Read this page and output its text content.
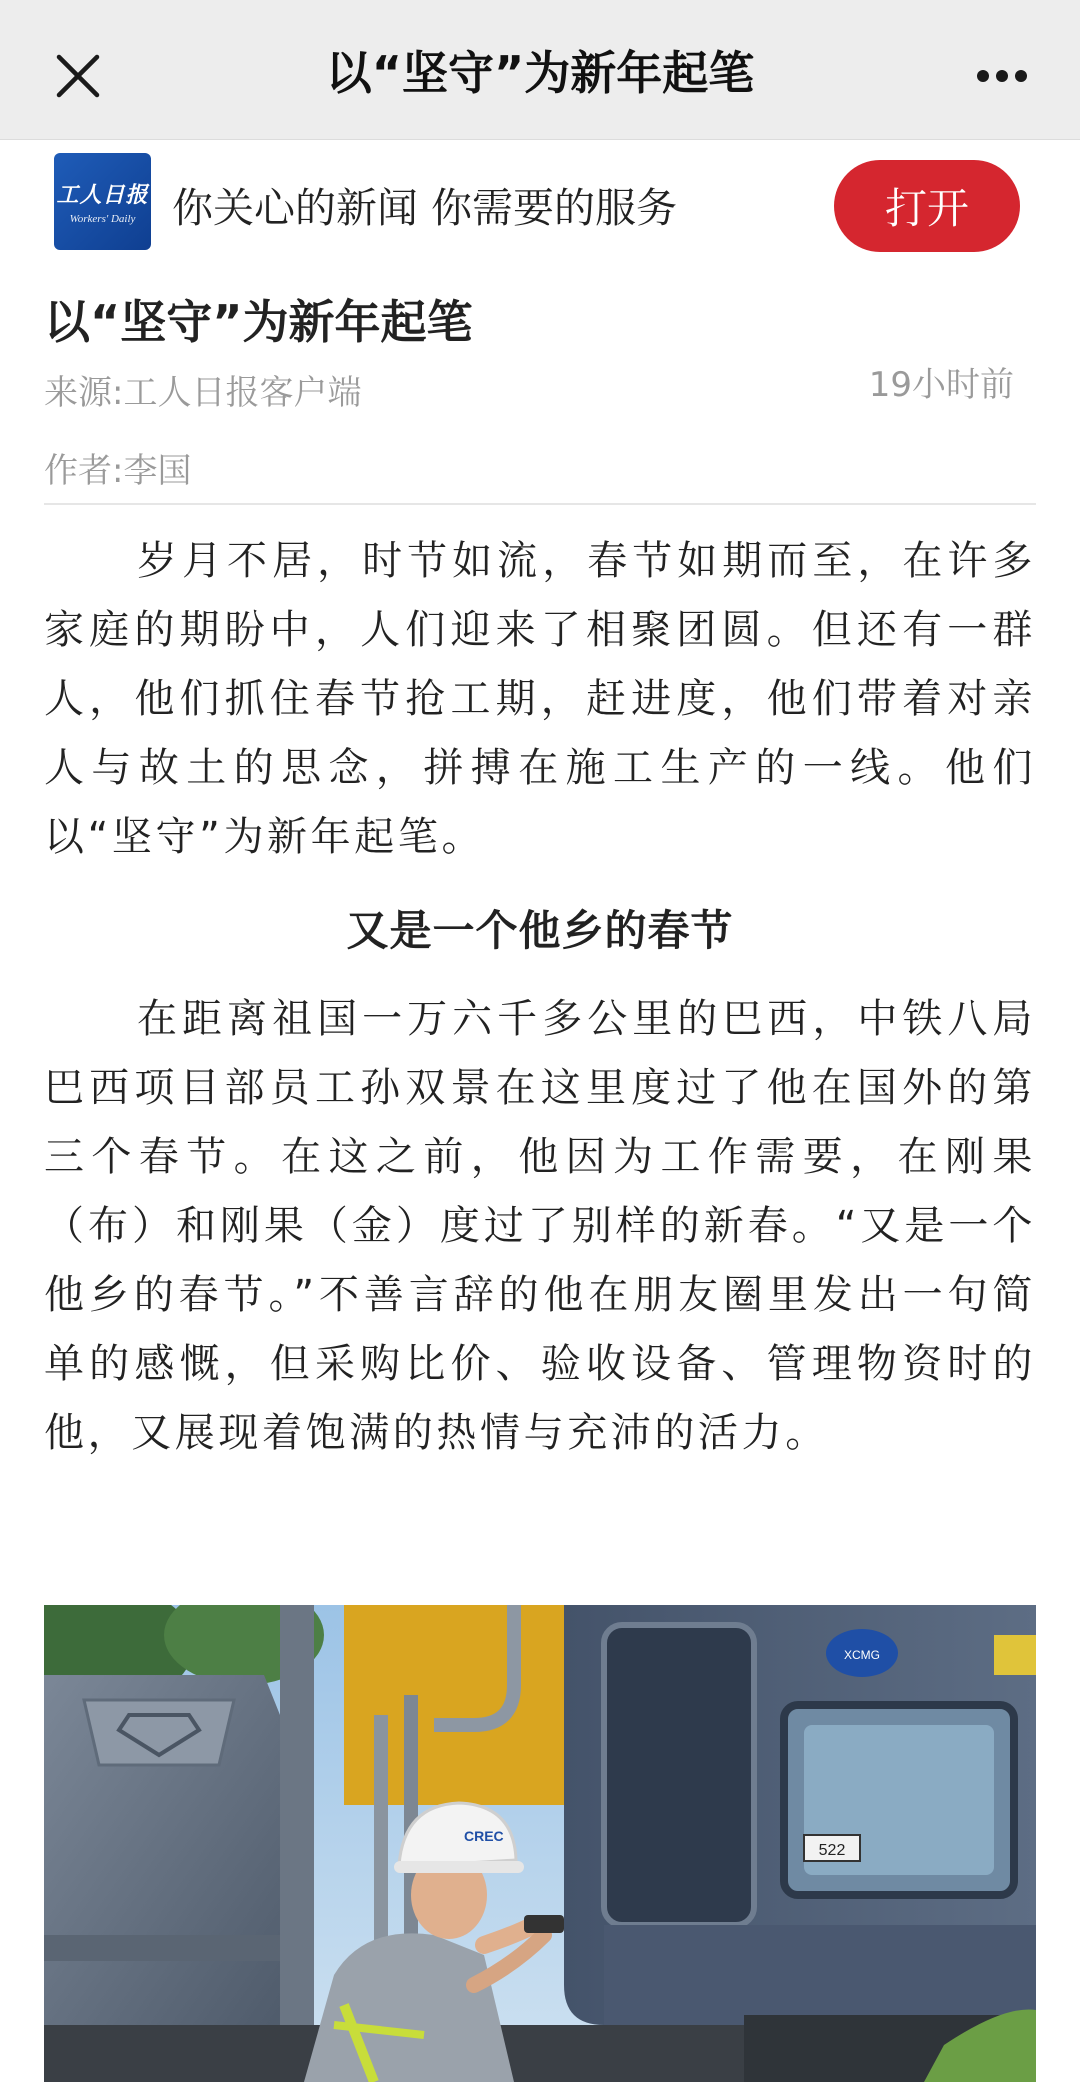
以“坚守”为新年起笔
工人日报
Workers' Daily 你关心的新闻 你需要的服务	打开
以“坚守”为新年起笔
来源:工人日报客户端	19小时前
作者:李国

岁月不居，时节如流，春节如期而至，在许多家庭的期盼中，人们迎来了相聚团圆。但还有一群人，他们抓住春节抢工期，赶进度，他们带着对亲人与故土的思念，拼搏在施工生产的一线。他们以“坚守”为新年起笔。

又是一个他乡的春节

在距离祖国一万六千多公里的巴西，中铁八局巴西项目部员工孙双景在这里度过了他在国外的第三个春节。在这之前，他因为工作需要，在刚果（布）和刚果（金）度过了别样的新春。“又是一个他乡的春节。”不善言辞的他在朋友圈里发出一句简单的感慨，但采购比价、验收设备、管理物资时的他，又展现着饱满的热情与充沛的活力。

XCMG
522
CREC
